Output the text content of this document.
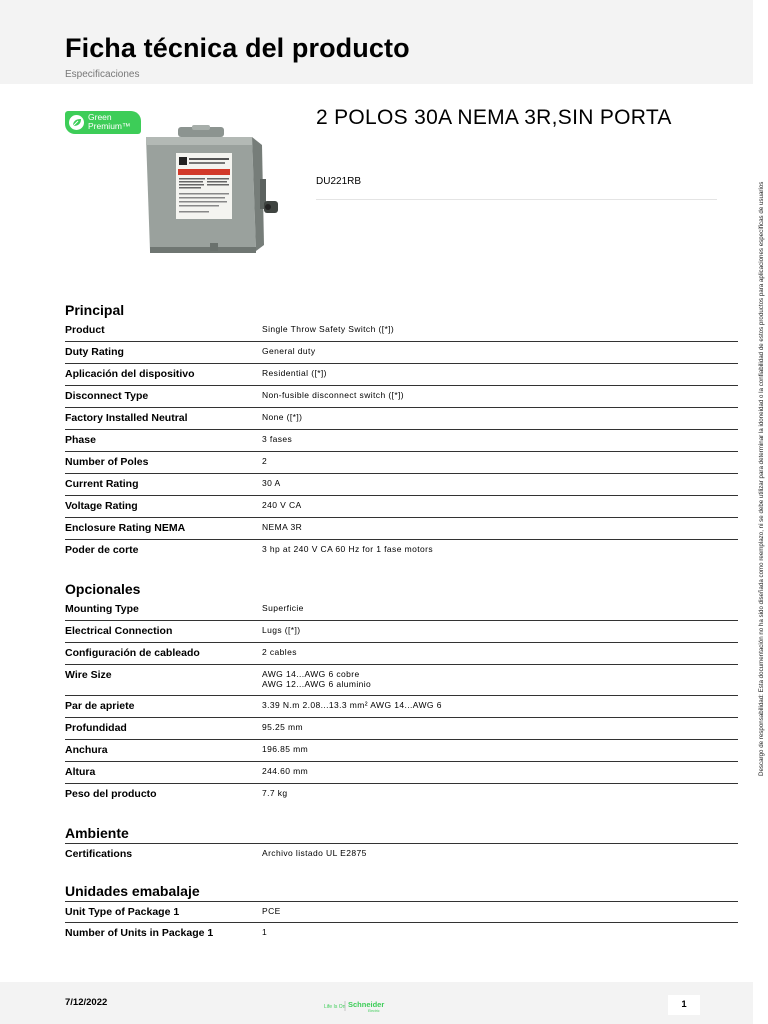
Ficha técnica del producto
Especificaciones
Green
Premium™	2 POLOS 30A NEMA 3R,SIN PORTA
DU221RB
Principal
Product	Single Throw Safety Switch ([*])
Duty Rating	General duty
Aplicación del dispositivo	Residential ([*])
Disconnect Type	Non-fusible disconnect switch ([*])
Factory Installed Neutral	None ([*])
Phase	3 fases
Number of Poles	2
Current Rating	30 A
Voltage Rating	240 V CA
Enclosure Rating NEMA	NEMA 3R
Poder de corte	3 hp at 240 V CA 60 Hz for 1 fase motors
Opcionales
Mounting Type	Superficie
Electrical Connection	Lugs ([*])
Configuración de cableado	2 cables
Wire Size	AWG 14...AWG 6 cobre
AWG 12...AWG 6 aluminio
Par de apriete	3.39 N.m 2.08...13.3 mm² AWG 14...AWG 6
Profundidad	95.25 mm
Anchura	196.85 mm
Altura	244.60 mm
Peso del producto	7.7 kg
Ambiente
Certifications	Archivo listado UL E2875
Unidades emabalaje
Unit Type of Package 1	PCE
Number of Units in Package 1	1
Descargo de responsabilidad: Esta documentación no ha sido diseñada como reemplazo, ni se debe utilizar para determinar la idoneidad o la confiabilidad de estos productos para aplicaciones específicas de usuarios
7/12/2022	Life Is On Schneider
Electric
1
